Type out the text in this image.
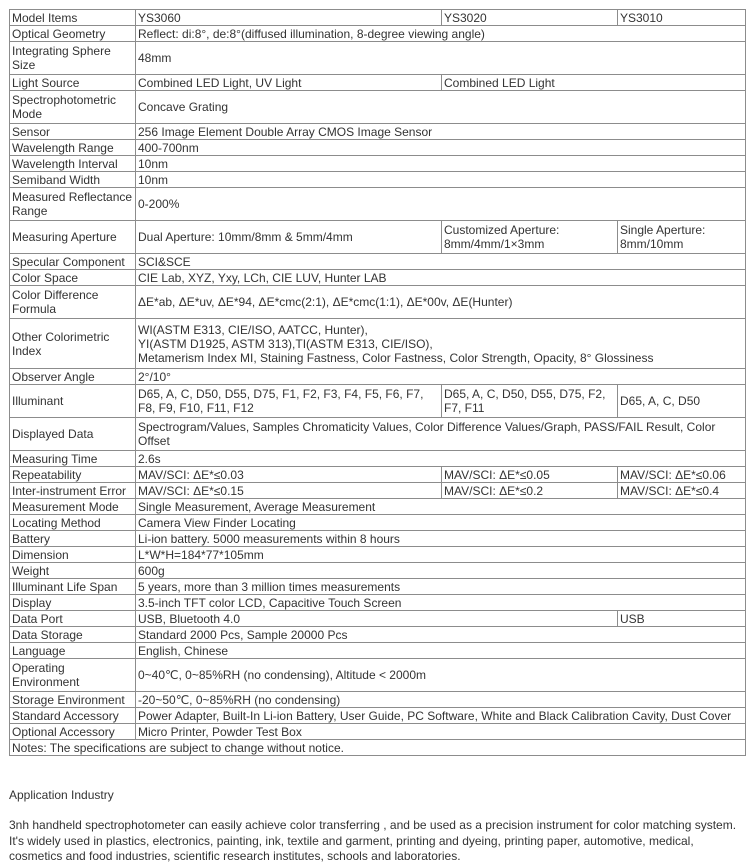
Model Items	YS3060	YS3020	YS3010
Optical Geometry	Reflect: di:8°, de:8°(diffused illumination, 8-degree viewing angle)		
Integrating Sphere Size	48mm		
Light Source	Combined LED Light, UV Light	Combined LED Light	
Spectrophotometric Mode	Concave Grating		
Sensor	256 Image Element Double Array CMOS Image Sensor		
Wavelength Range	400-700nm		
Wavelength Interval	10nm		
Semiband Width	10nm		
Measured Reflectance Range	0-200%		
Measuring Aperture	Dual Aperture: 10mm/8mm & 5mm/4mm	Customized Aperture: 8mm/4mm/1×3mm	Single Aperture: 8mm/10mm
Specular Component	SCI&SCE		
Color Space	CIE Lab, XYZ, Yxy, LCh, CIE LUV, Hunter LAB		
Color Difference Formula	ΔE*ab, ΔE*uv, ΔE*94, ΔE*cmc(2:1), ΔE*cmc(1:1), ΔE*00v, ΔE(Hunter)		
Other Colorimetric Index	WI(ASTM E313, CIE/ISO, AATCC, Hunter),
YI(ASTM D1925, ASTM 313),TI(ASTM E313, CIE/ISO),
Metamerism Index MI, Staining Fastness, Color Fastness, Color Strength, Opacity, 8° Glossiness		

Observer Angle	2°/10°		
Illuminant	D65, A, C, D50, D55, D75, F1, F2, F3, F4, F5, F6, F7, F8, F9, F10, F11, F12	D65, A, C, D50, D55, D75, F2, F7, F11	D65, A, C, D50
Displayed Data	Spectrogram/Values, Samples Chromaticity Values, Color Difference Values/Graph, PASS/FAIL Result, Color Offset		
Measuring Time	2.6s		
Repeatability	MAV/SCI: ΔE*≤0.03	MAV/SCI: ΔE*≤0.05	MAV/SCI: ΔE*≤0.06
Inter-instrument Error	MAV/SCI: ΔE*≤0.15	MAV/SCI: ΔE*≤0.2	MAV/SCI: ΔE*≤0.4
Measurement Mode	Single Measurement, Average Measurement		
Locating Method	Camera View Finder Locating		
Battery	Li-ion battery. 5000 measurements within 8 hours		
Dimension	L*W*H=184*77*105mm		
Weight	600g		
Illuminant Life Span	5 years, more than 3 million times measurements		
Display	3.5-inch TFT color LCD, Capacitive Touch Screen		
Data Port	USB, Bluetooth 4.0		USB
Data Storage	Standard 2000 Pcs, Sample 20000 Pcs		
Language	English, Chinese		
Operating Environment	0~40℃, 0~85%RH (no condensing), Altitude < 2000m		
Storage Environment	-20~50℃, 0~85%RH (no condensing)		
Standard Accessory	Power Adapter, Built-In Li-ion Battery, User Guide, PC Software, White and Black Calibration Cavity, Dust Cover		
Optional Accessory	Micro Printer, Powder Test Box		
Notes: The specifications are subject to change without notice.			
Application Industry
3nh handheld spectrophotometer can easily achieve color transferring , and be used as a precision instrument for color matching system. It's widely used in plastics, electronics, painting, ink, textile and garment, printing and dyeing, printing paper, automotive, medical, cosmetics and food industries, scientific research institutes, schools and laboratories.
